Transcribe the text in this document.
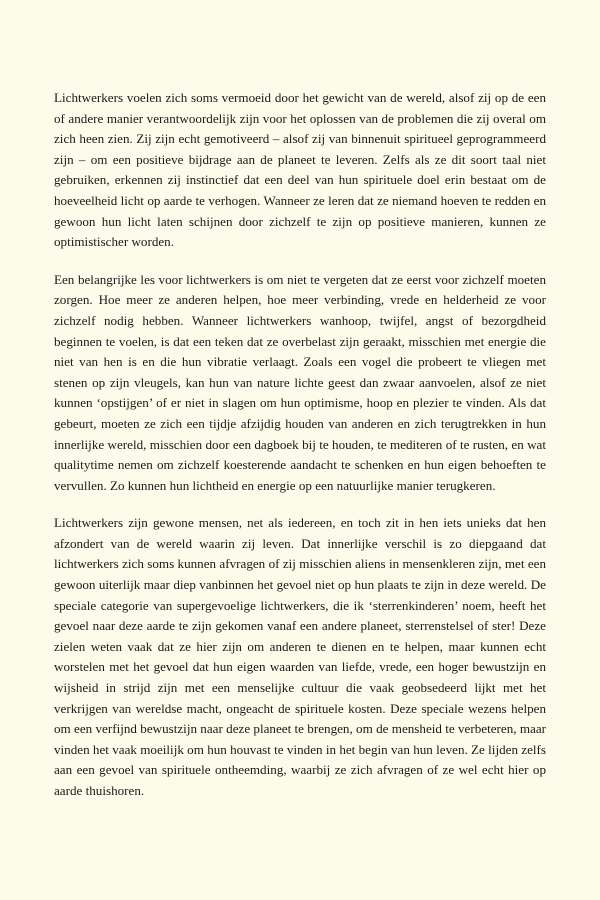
Lichtwerkers voelen zich soms vermoeid door het gewicht van de wereld, alsof zij op de een of andere manier verantwoordelijk zijn voor het oplossen van de problemen die zij overal om zich heen zien. Zij zijn echt gemotiveerd – alsof zij van binnenuit spiritueel geprogrammeerd zijn – om een positieve bijdrage aan de planeet te leveren. Zelfs als ze dit soort taal niet gebruiken, erkennen zij instinctief dat een deel van hun spirituele doel erin bestaat om de hoeveelheid licht op aarde te verhogen. Wanneer ze leren dat ze niemand hoeven te redden en gewoon hun licht laten schijnen door zichzelf te zijn op positieve manieren, kunnen ze optimistischer worden.

Een belangrijke les voor lichtwerkers is om niet te vergeten dat ze eerst voor zichzelf moeten zorgen. Hoe meer ze anderen helpen, hoe meer verbinding, vrede en helderheid ze voor zichzelf nodig hebben. Wanneer lichtwerkers wanhoop, twijfel, angst of bezorgdheid beginnen te voelen, is dat een teken dat ze overbelast zijn geraakt, misschien met energie die niet van hen is en die hun vibratie verlaagt. Zoals een vogel die probeert te vliegen met stenen op zijn vleugels, kan hun van nature lichte geest dan zwaar aanvoelen, alsof ze niet kunnen ‘opstijgen’ of er niet in slagen om hun optimisme, hoop en plezier te vinden. Als dat gebeurt, moeten ze zich een tijdje afzijdig houden van anderen en zich terugtrekken in hun innerlijke wereld, misschien door een dagboek bij te houden, te mediteren of te rusten, en wat qualitytime nemen om zichzelf koesterende aandacht te schenken en hun eigen behoeften te vervullen. Zo kunnen hun lichtheid en energie op een natuurlijke manier terugkeren.

Lichtwerkers zijn gewone mensen, net als iedereen, en toch zit in hen iets unieks dat hen afzondert van de wereld waarin zij leven. Dat innerlijke verschil is zo diepgaand dat lichtwerkers zich soms kunnen afvragen of zij misschien aliens in mensenkleren zijn, met een gewoon uiterlijk maar diep vanbinnen het gevoel niet op hun plaats te zijn in deze wereld. De speciale categorie van supergevoelige lichtwerkers, die ik ‘sterrenkinderen’ noem, heeft het gevoel naar deze aarde te zijn gekomen vanaf een andere planeet, sterrenstelsel of ster! Deze zielen weten vaak dat ze hier zijn om anderen te dienen en te helpen, maar kunnen echt worstelen met het gevoel dat hun eigen waarden van liefde, vrede, een hoger bewustzijn en wijsheid in strijd zijn met een menselijke cultuur die vaak geobsedeerd lijkt met het verkrijgen van wereldse macht, ongeacht de spirituele kosten. Deze speciale wezens helpen om een verfijnd bewustzijn naar deze planeet te brengen, om de mensheid te verbeteren, maar vinden het vaak moeilijk om hun houvast te vinden in het begin van hun leven. Ze lijden zelfs aan een gevoel van spirituele ontheemding, waarbij ze zich afvragen of ze wel echt hier op aarde thuishoren.
